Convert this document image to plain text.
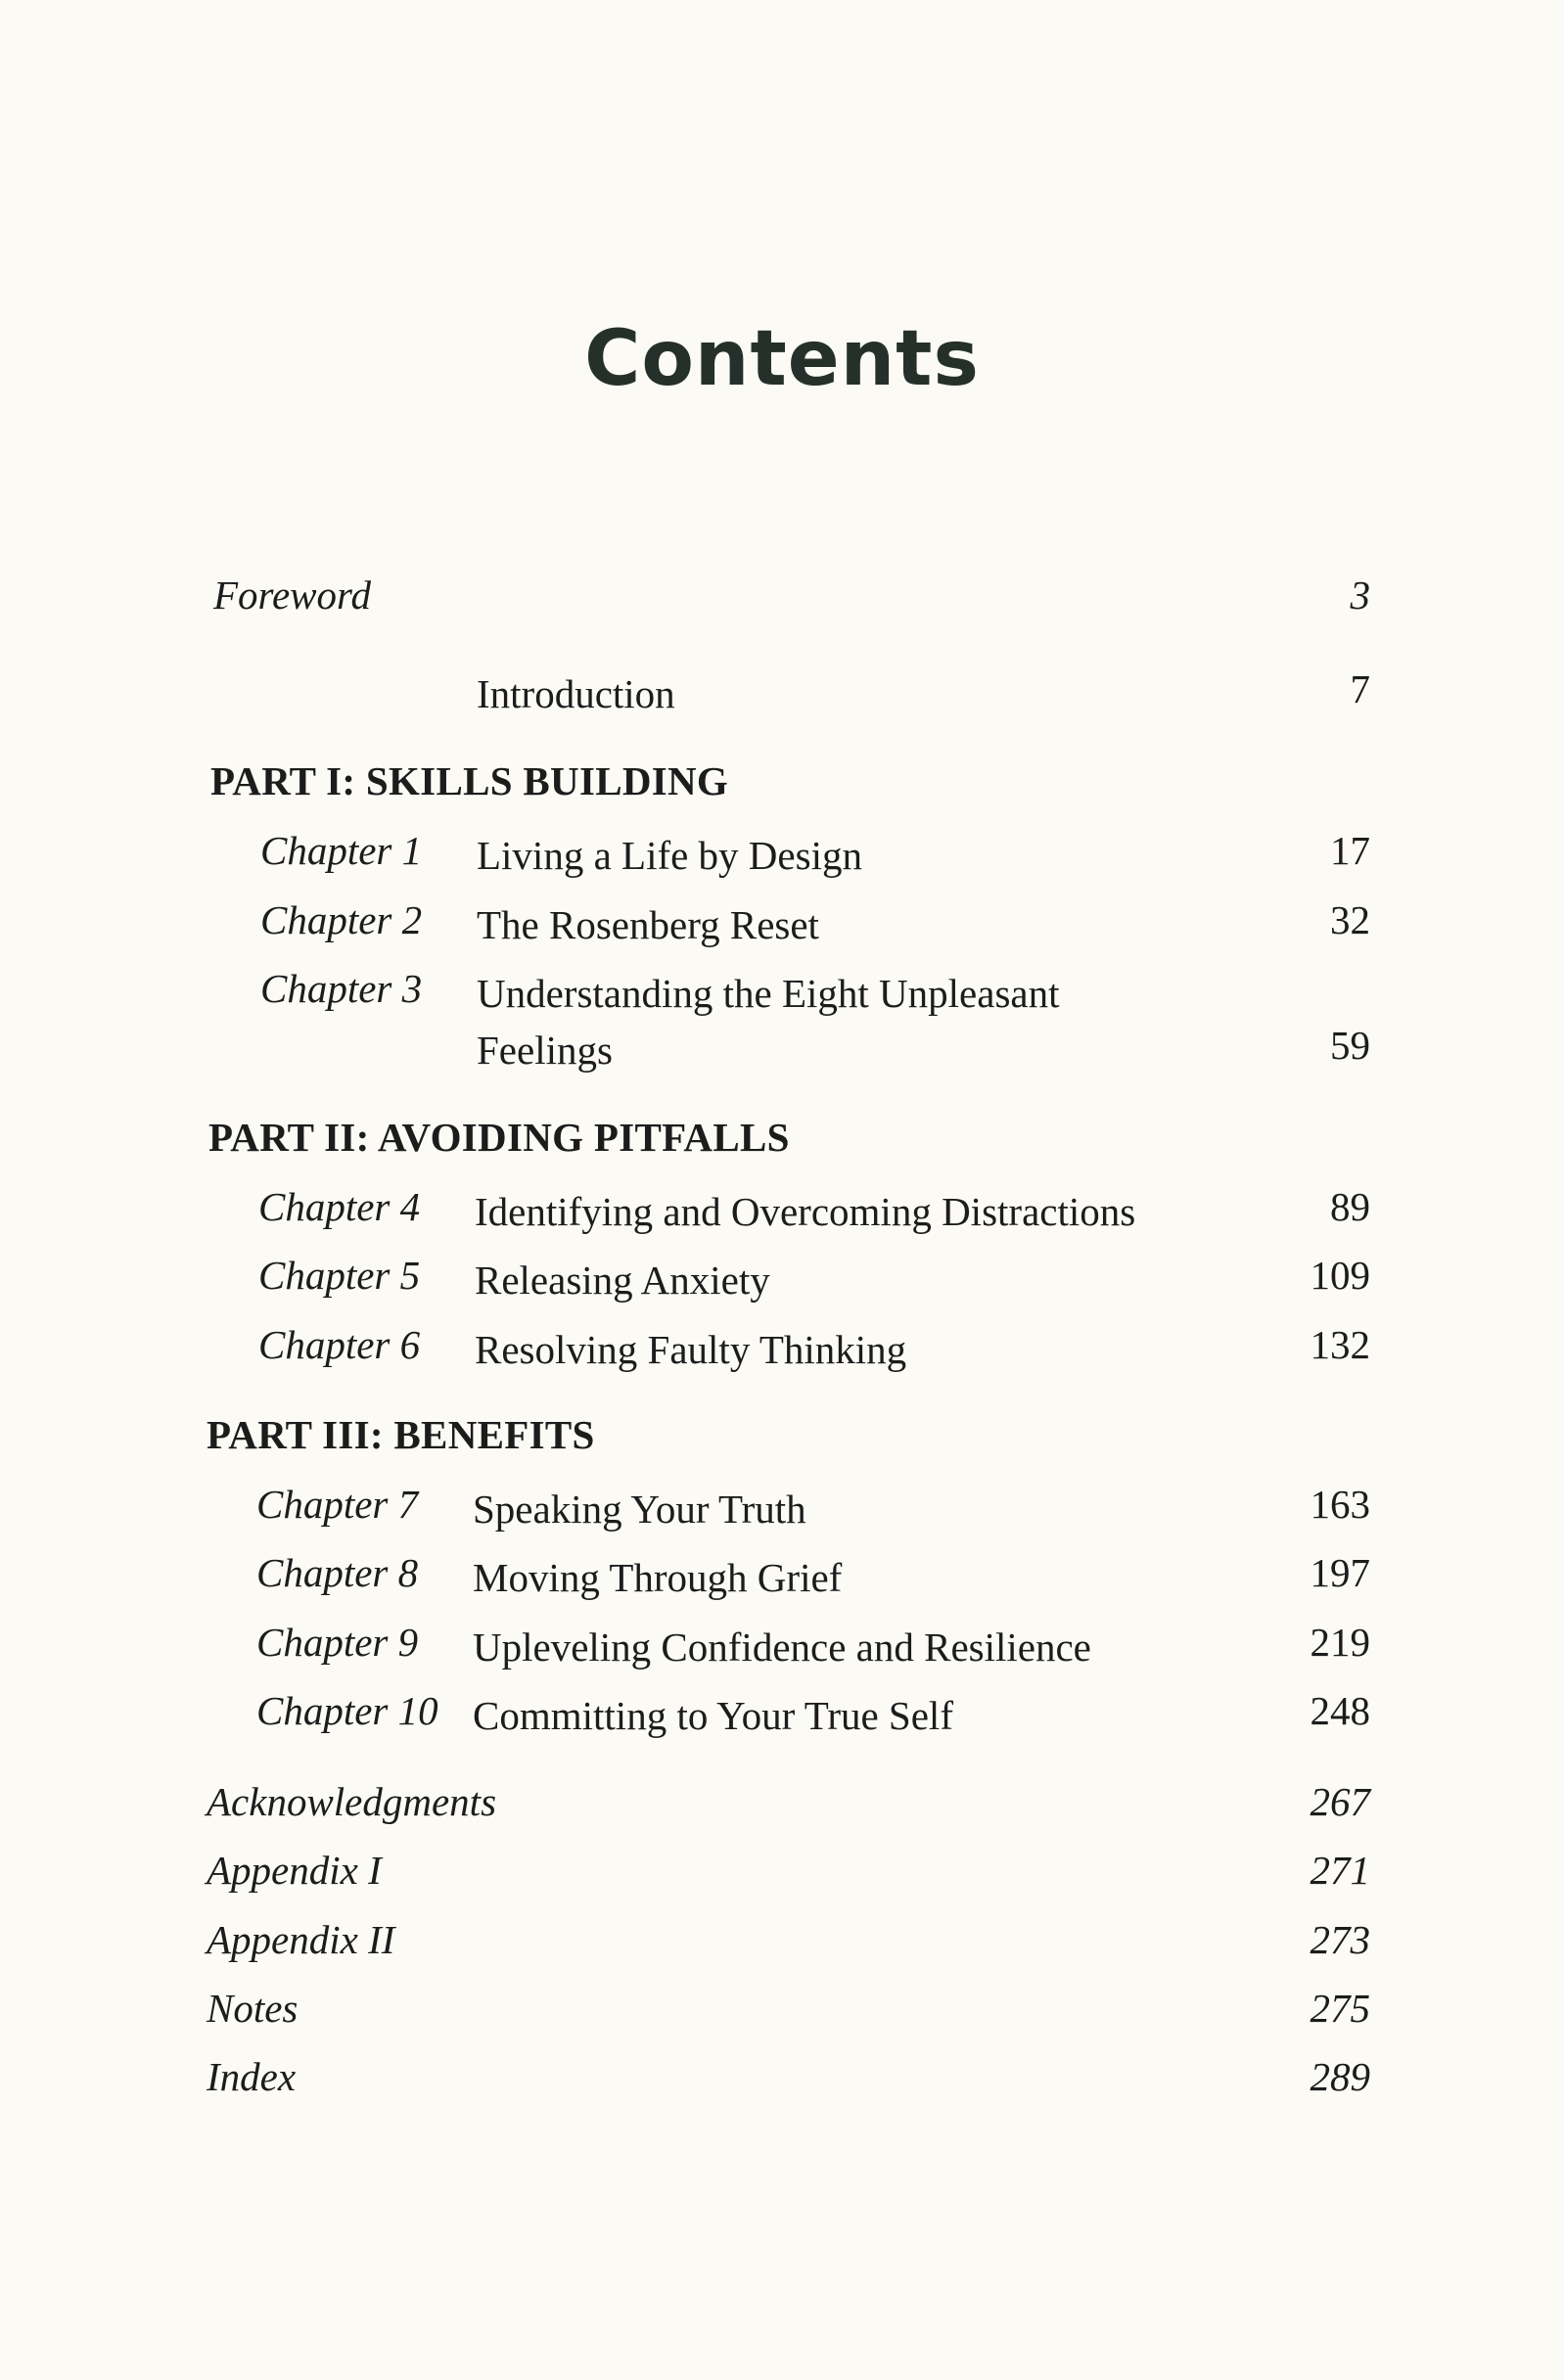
Contents
Foreword	3
Introduction	7
PART I: SKILLS BUILDING
Chapter 1 Living a Life by Design	17
Chapter 2 The Rosenberg Reset	32
Chapter 3 Understanding the Eight Unpleasant Feelings	59
PART II: AVOIDING PITFALLS
Chapter 4 Identifying and Overcoming Distractions	89
Chapter 5 Releasing Anxiety	109
Chapter 6 Resolving Faulty Thinking	132
PART III: BENEFITS
Chapter 7 Speaking Your Truth	163
Chapter 8 Moving Through Grief	197
Chapter 9 Upleveling Confidence and Resilience	219
Chapter 10 Committing to Your True Self	248
Acknowledgments	267
Appendix I	271
Appendix II	273
Notes	275
Index	289
